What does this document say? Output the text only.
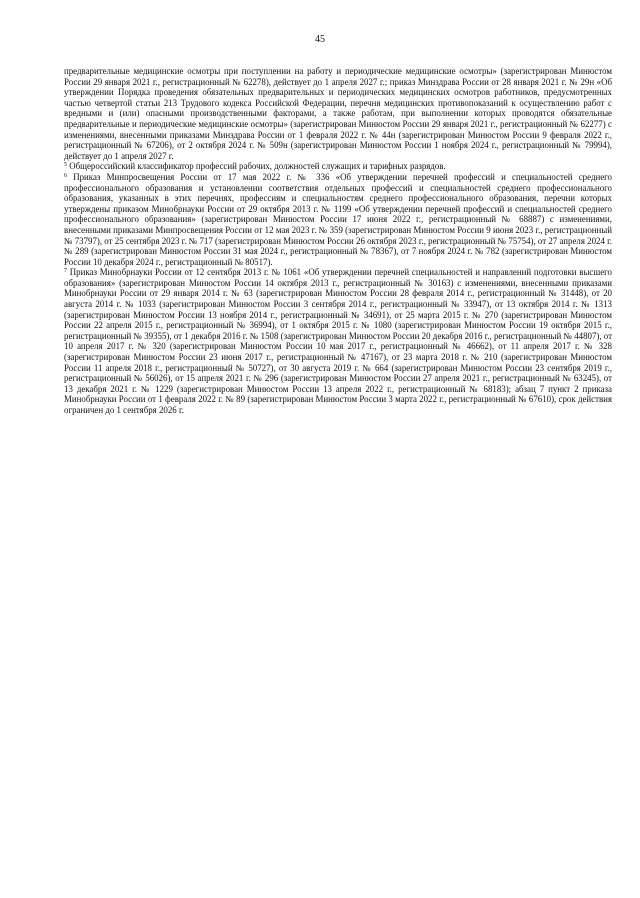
45

предварительные медицинские осмотры при поступлении на работу и периодические медицинские осмотры» (зарегистрирован Минюстом России 29 января 2021 г., регистрационный № 62278), действует до 1 апреля 2027 г.; приказ Минздрава России от 28 января 2021 г. № 29н «Об утверждении Порядка проведения обязательных предварительных и периодических медицинских осмотров работников, предусмотренных частью четвертой статьи 213 Трудового кодекса Российской Федерации, перечня медицинских противопоказаний к осуществлению работ с вредными и (или) опасными производственными факторами, а также работам, при выполнении которых проводятся обязательные предварительные и периодические медицинские осмотры» (зарегистрирован Минюстом России 29 января 2021 г., регистрационный № 62277) с изменениями, внесенными приказами Минздрава России от 1 февраля 2022 г. № 44н (зарегистрирован Минюстом России 9 февраля 2022 г., регистрационный № 67206), от 2 октября 2024 г. № 509н (зарегистрирован Минюстом России 1 ноября 2024 г., регистрационный № 79994), действует до 1 апреля 2027 г.

$^5$ Общероссийский классификатор профессий рабочих, должностей служащих и тарифных разрядов.

$^6$ Приказ Минпросвещения России от 17 мая 2022 г. № 336 «Об утверждении перечней профессий и специальностей среднего профессионального образования и установлении соответствия отдельных профессий и специальностей среднего профессионального образования, указанных в этих перечнях, профессиям и специальностям среднего профессионального образования, перечни которых утверждены приказом Минобрнауки России от 29 октября 2013 г. № 1199 «Об утверждении перечней профессий и специальностей среднего профессионального образования» (зарегистрирован Минюстом России 17 июня 2022 г., регистрационный № 68887) с изменениями, внесенными приказами Минпросвещения России от 12 мая 2023 г. № 359 (зарегистрирован Минюстом России 9 июня 2023 г., регистрационный № 73797), от 25 сентября 2023 г. № 717 (зарегистрирован Минюстом России 26 октября 2023 г., регистрационный № 75754), от 27 апреля 2024 г. № 289 (зарегистрирован Минюстом России 31 мая 2024 г., регистрационный № 78367), от 7 ноября 2024 г. № 782 (зарегистрирован Минюстом России 10 декабря 2024 г., регистрационный № 80517).

$^7$ Приказ Минобрнауки России от 12 сентября 2013 г. № 1061 «Об утверждении перечней специальностей и направлений подготовки высшего образования» (зарегистрирован Минюстом России 14 октября 2013 г., регистрационный № 30163) с изменениями, внесенными приказами Минобрнауки России от 29 января 2014 г. № 63 (зарегистрирован Минюстом России 28 февраля 2014 г., регистрационный № 31448), от 20 августа 2014 г. № 1033 (зарегистрирован Минюстом России 3 сентября 2014 г., регистрационный № 33947), от 13 октября 2014 г. № 1313 (зарегистрирован Минюстом России 13 ноября 2014 г., регистрационный № 34691), от 25 марта 2015 г. № 270 (зарегистрирован Минюстом России 22 апреля 2015 г., регистрационный № 36994), от 1 октября 2015 г. № 1080 (зарегистрирован Минюстом России 19 октября 2015 г., регистрационный № 39355), от 1 декабря 2016 г. № 1508 (зарегистрирован Минюстом России 20 декабря 2016 г., регистрационный № 44807), от 10 апреля 2017 г. № 320 (зарегистрирован Минюстом России 10 мая 2017 г., регистрационный № 46662), от 11 апреля 2017 г. № 328 (зарегистрирован Минюстом России 23 июня 2017 г., регистрационный № 47167), от 23 марта 2018 г. № 210 (зарегистрирован Минюстом России 11 апреля 2018 г., регистрационный № 50727), от 30 августа 2019 г. № 664 (зарегистрирован Минюстом России 23 сентября 2019 г., регистрационный № 56026), от 15 апреля 2021 г. № 296 (зарегистрирован Минюстом России 27 апреля 2021 г., регистрационный № 63245), от 13 декабря 2021 г. № 1229 (зарегистрирован Минюстом России 13 апреля 2022 г., регистрационный № 68183); абзац 7 пункт 2 приказа Минобрнауки России от 1 февраля 2022 г. № 89 (зарегистрирован Минюстом России 3 марта 2022 г., регистрационный № 67610), срок действия ограничен до 1 сентября 2026 г.
